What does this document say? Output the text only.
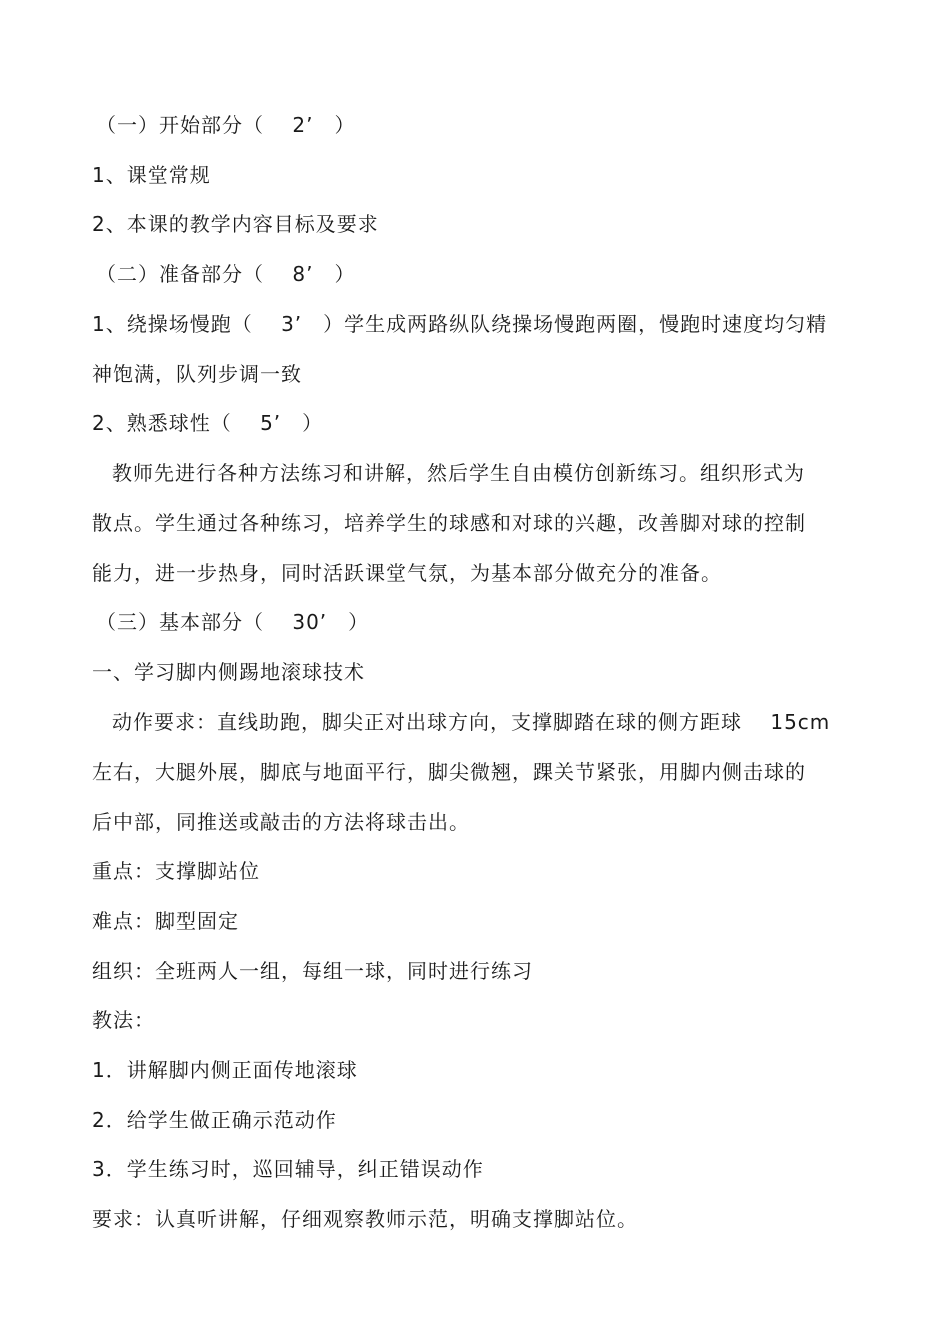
（一）开始部分（　 2’　）
1、课堂常规
2、本课的教学内容目标及要求
（二）准备部分（　 8’　）
1、绕操场慢跑（　 3’　）学生成两路纵队绕操场慢跑两圈，慢跑时速度均匀精
神饱满，队列步调一致
2、熟悉球性（　 5’　）
教师先进行各种方法练习和讲解，然后学生自由模仿创新练习。组织形式为
散点。学生通过各种练习，培养学生的球感和对球的兴趣，改善脚对球的控制
能力，进一步热身，同时活跃课堂气氛，为基本部分做充分的准备。
（三）基本部分（　 30’　）
一、学习脚内侧踢地滚球技术
动作要求：直线助跑，脚尖正对出球方向，支撑脚踏在球的侧方距球　 15cm
左右，大腿外展，脚底与地面平行，脚尖微翘，踝关节紧张，用脚内侧击球的
后中部，同推送或敲击的方法将球击出。
重点：支撑脚站位
难点：脚型固定
组织：全班两人一组，每组一球，同时进行练习
教法：
1．讲解脚内侧正面传地滚球
2．给学生做正确示范动作
3．学生练习时，巡回辅导，纠正错误动作
要求：认真听讲解，仔细观察教师示范，明确支撑脚站位。
